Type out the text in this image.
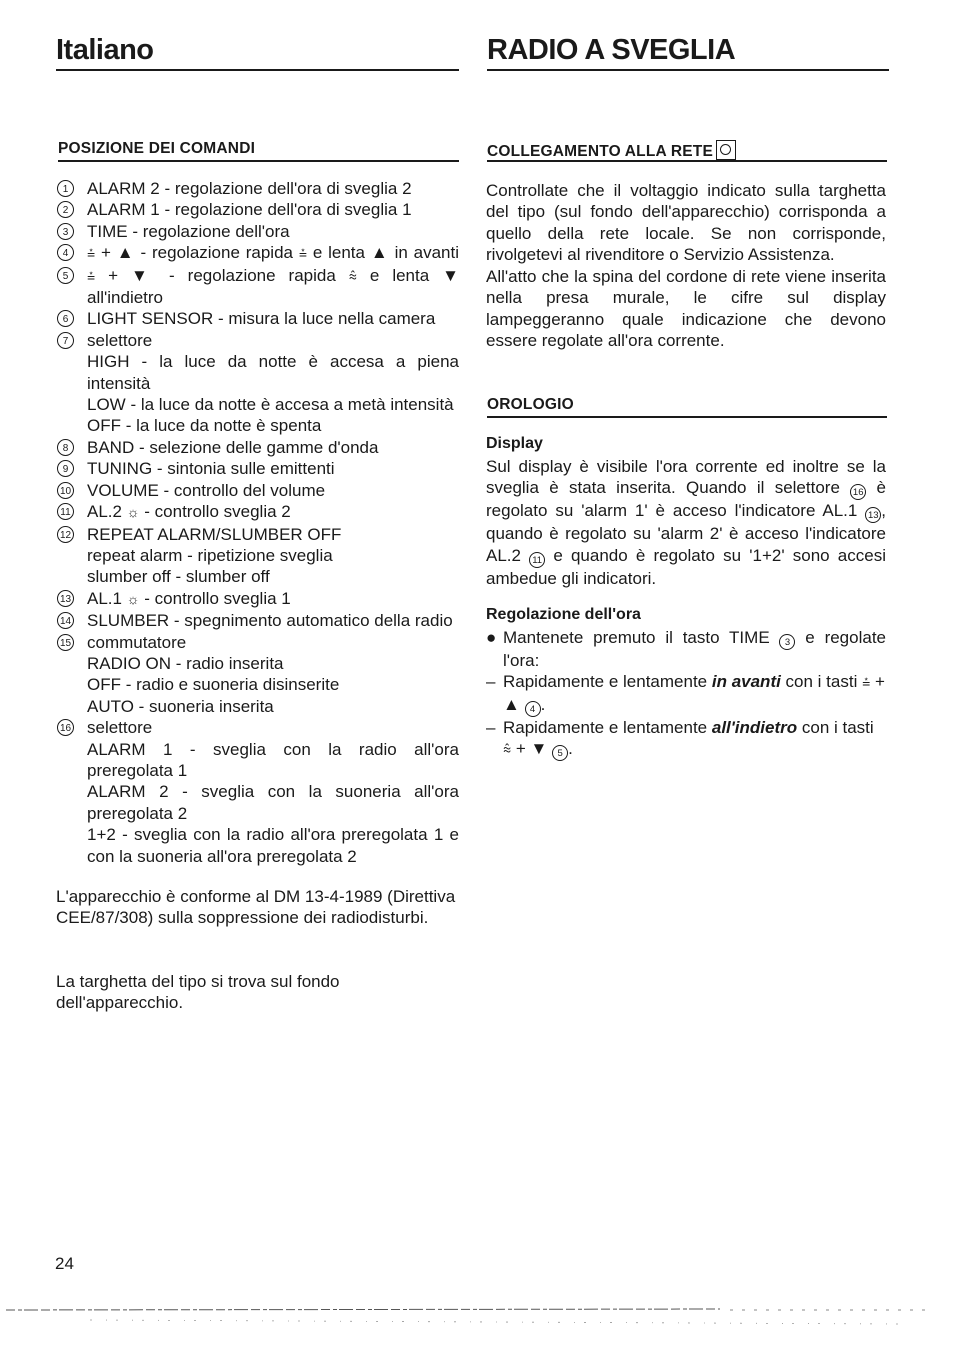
Italiano	RADIO A SVEGLIA
POSIZIONE DEI COMANDI
1	ALARM 2 - regolazione dell'ora di sveglia 2
2	ALARM 1 - regolazione dell'ora di sveglia 1
3	TIME - regolazione dell'ora
4	⩮ + ▲ - regolazione rapida ⩮ e lenta ▲ in avanti
5	⩮ + ▼ - regolazione rapida ⩯ e lenta ▼
all'indietro
6	LIGHT SENSOR - misura la luce nella camera
7	selettore
HIGH - la luce da notte è accesa a piena intensità
LOW - la luce da notte è accesa a metà intensità
OFF - la luce da notte è spenta
8	BAND - selezione delle gamme d'onda
9	TUNING - sintonia sulle emittenti
10 VOLUME - controllo del volume
11 AL.2 ☼ - controllo sveglia 2
12 REPEAT ALARM/SLUMBER OFF
repeat alarm - ripetizione sveglia
slumber off - slumber off
13 AL.1 ☼ - controllo sveglia 1
14 SLUMBER - spegnimento automatico della radio
15 commutatore
RADIO ON - radio inserita
OFF - radio e suoneria disinserite
AUTO - suoneria inserita
16 selettore
ALARM 1 - sveglia con la radio all'ora preregolata 1
ALARM 2 - sveglia con la suoneria all'ora preregolata 2
1+2 - sveglia con la radio all'ora preregolata 1 e con la suoneria all'ora preregolata 2
L'apparecchio è conforme al DM 13-4-1989 (Direttiva CEE/87/308) sulla soppressione dei radiodisturbi.
La targhetta del tipo si trova sul fondo dell'apparecchio.
COLLEGAMENTO ALLA RETE
Controllate che il voltaggio indicato sulla targhetta del tipo (sul fondo dell'apparecchio) corrisponda a quello della rete locale. Se non corrisponde, rivolgetevi al rivenditore o Servizio Assistenza.
All'atto che la spina del cordone di rete viene inserita nella presa murale, le cifre sul display lampeggeranno quale indicazione che devono essere regolate all'ora corrente.
OROLOGIO
Display
Sul display è visibile l'ora corrente ed inoltre se la sveglia è stata inserita. Quando il selettore 16 è regolato su 'alarm 1' è acceso l'indicatore AL.1 13 , quando è regolato su 'alarm 2' è acceso l'indicatore AL.2 11 e quando è regolato su '1+2' sono accesi ambedue gli indicatori.
Regolazione dell'ora
● Mantenete premuto il tasto TIME 3 e regolate l'ora:
– Rapidamente e lentamente in avanti con i tasti ⩮ + ▲ 4 .
– Rapidamente e lentamente all'indietro con i tasti ⩯ + ▼ 5 .
24
